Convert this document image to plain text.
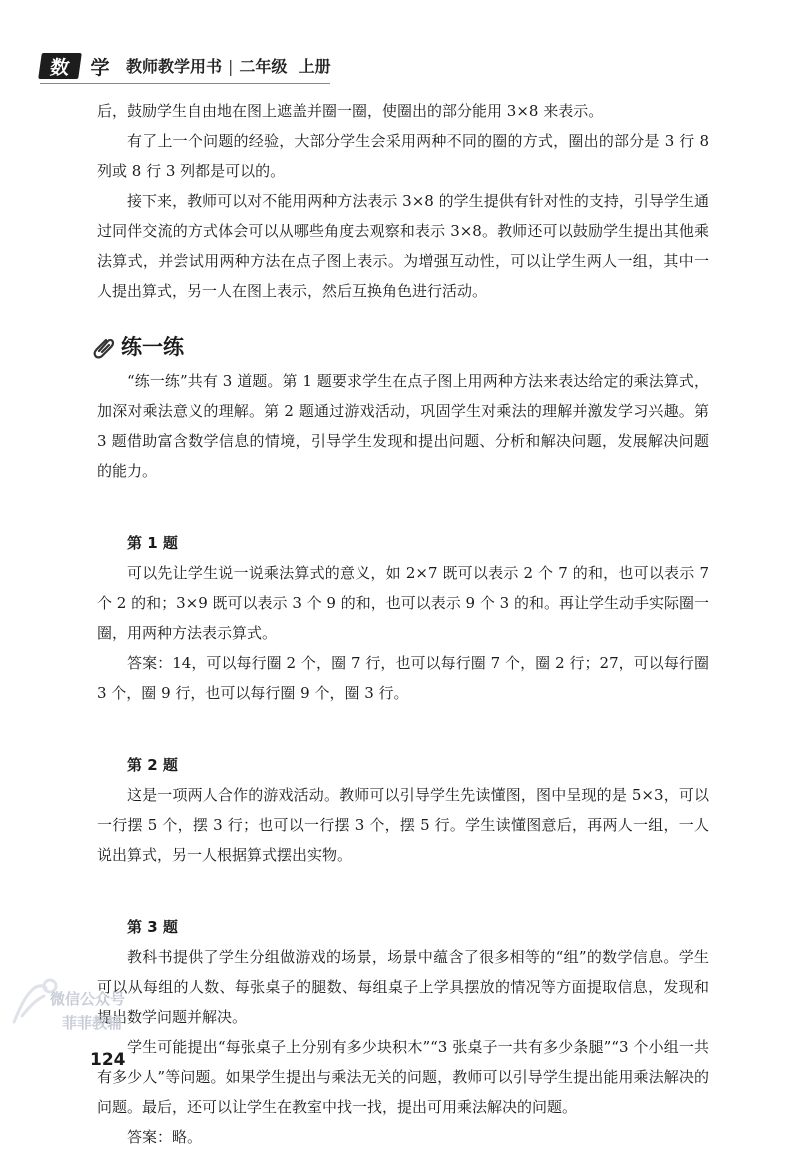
数	学	教师教学用书 | 二年级 上册

后，鼓励学生自由地在图上遮盖并圈一圈，使圈出的部分能用 3×8 来表示。

有了上一个问题的经验，大部分学生会采用两种不同的圈的方式，圈出的部分是 3 行 8 列或 8 行 3 列都是可以的。

接下来，教师可以对不能用两种方法表示 3×8 的学生提供有针对性的支持，引导学生通过同伴交流的方式体会可以从哪些角度去观察和表示 3×8。教师还可以鼓励学生提出其他乘法算式，并尝试用两种方法在点子图上表示。为增强互动性，可以让学生两人一组，其中一人提出算式，另一人在图上表示，然后互换角色进行活动。

练一练

“练一练”共有 3 道题。第 1 题要求学生在点子图上用两种方法来表达给定的乘法算式，加深对乘法意义的理解。第 2 题通过游戏活动，巩固学生对乘法的理解并激发学习兴趣。第 3 题借助富含数学信息的情境，引导学生发现和提出问题、分析和解决问题，发展解决问题的能力。

第 1 题

可以先让学生说一说乘法算式的意义，如 2×7 既可以表示 2 个 7 的和，也可以表示 7 个 2 的和；3×9 既可以表示 3 个 9 的和，也可以表示 9 个 3 的和。再让学生动手实际圈一圈，用两种方法表示算式。

答案：14，可以每行圈 2 个，圈 7 行，也可以每行圈 7 个，圈 2 行；27，可以每行圈 3 个，圈 9 行，也可以每行圈 9 个，圈 3 行。

第 2 题

这是一项两人合作的游戏活动。教师可以引导学生先读懂图，图中呈现的是 5×3，可以一行摆 5 个，摆 3 行；也可以一行摆 3 个，摆 5 行。学生读懂图意后，再两人一组，一人说出算式，另一人根据算式摆出实物。

第 3 题

教科书提供了学生分组做游戏的场景，场景中蕴含了很多相等的“组”的数学信息。学生可以从每组的人数、每张桌子的腿数、每组桌子上学具摆放的情况等方面提取信息，发现和提出数学问题并解决。

学生可能提出“每张桌子上分别有多少块积木”“3 张桌子一共有多少条腿”“3 个小组一共有多少人”等问题。如果学生提出与乘法无关的问题，教师可以引导学生提出能用乘法解决的问题。最后，还可以让学生在教室中找一找，提出可用乘法解决的问题。

答案：略。

微信公众号
菲菲教辅
124
